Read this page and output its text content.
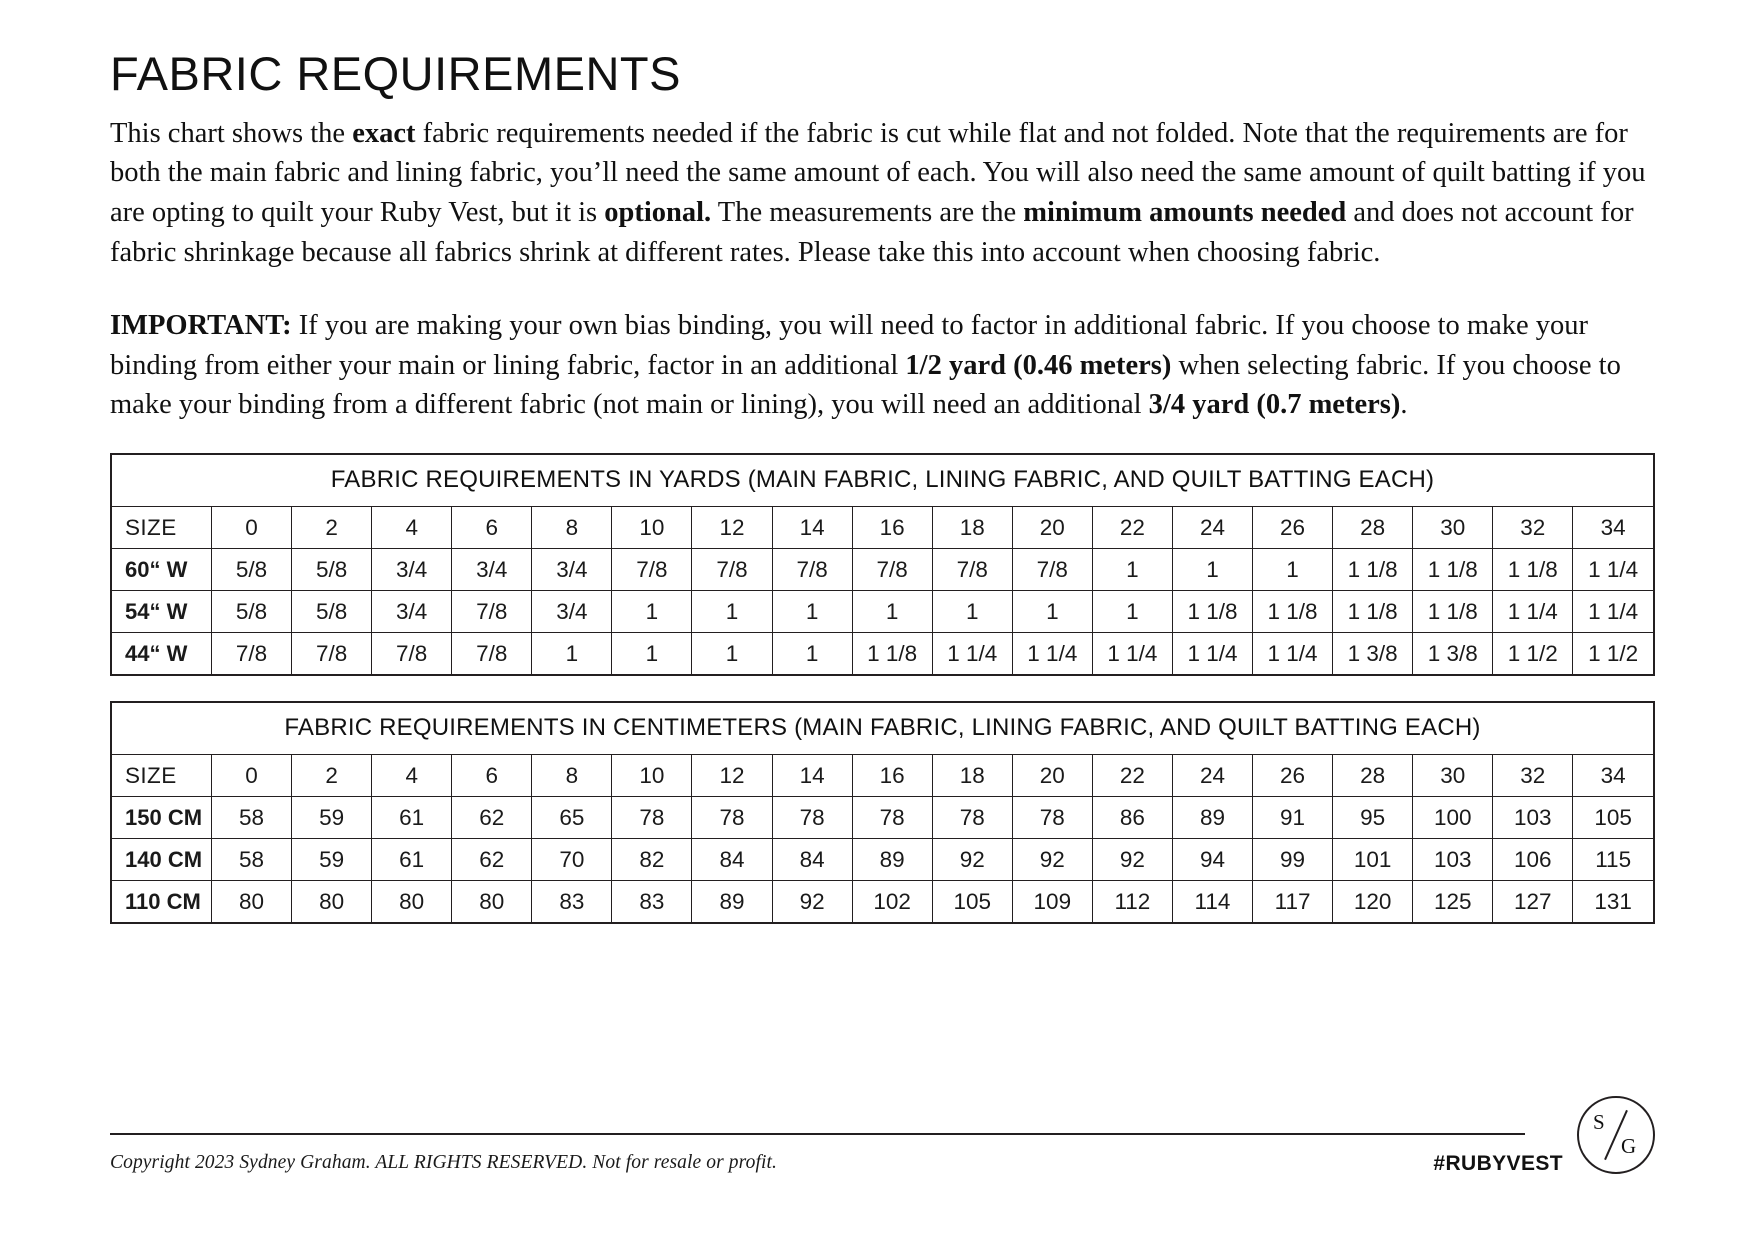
FABRIC REQUIREMENTS

This chart shows the exact fabric requirements needed if the fabric is cut while flat and not folded. Note that the requirements are for both the main fabric and lining fabric, you’ll need the same amount of each. You will also need the same amount of quilt batting if you are opting to quilt your Ruby Vest, but it is optional. The measurements are the minimum amounts needed and does not account for fabric shrinkage because all fabrics shrink at different rates. Please take this into account when choosing fabric.

IMPORTANT: If you are making your own bias binding, you will need to factor in additional fabric. If you choose to make your binding from either your main or lining fabric, factor in an additional 1/2 yard (0.46 meters) when selecting fabric. If you choose to make your binding from a different fabric (not main or lining), you will need an additional 3/4 yard (0.7 meters).

FABRIC REQUIREMENTS IN YARDS (MAIN FABRIC, LINING FABRIC, AND QUILT BATTING EACH)
SIZE	0	2	4	6	8	10	12	14	16	18	20	22	24	26	28	30	32	34
60“ W	5/8	5/8	3/4	3/4	3/4	7/8	7/8	7/8	7/8	7/8	7/8	1	1	1	1 1/8	1 1/8	1 1/8	1 1/4
54“ W	5/8	5/8	3/4	7/8	3/4	1	1	1	1	1	1	1	1 1/8	1 1/8	1 1/8	1 1/8	1 1/4	1 1/4
44“ W	7/8	7/8	7/8	7/8	1	1	1	1	1 1/8	1 1/4	1 1/4	1 1/4	1 1/4	1 1/4	1 3/8	1 3/8	1 1/2	1 1/2
FABRIC REQUIREMENTS IN CENTIMETERS (MAIN FABRIC, LINING FABRIC, AND QUILT BATTING EACH)
SIZE	0	2	4	6	8	10	12	14	16	18	20	22	24	26	28	30	32	34
150 CM	58	59	61	62	65	78	78	78	78	78	78	86	89	91	95	100	103	105
140 CM	58	59	61	62	70	82	84	84	89	92	92	92	94	99	101	103	106	115
110 CM	80	80	80	80	83	83	89	92	102	105	109	112	114	117	120	125	127	131
Copyright 2023 Sydney Graham. ALL RIGHTS RESERVED. Not for resale or profit.	#RUBYVEST
S
G
